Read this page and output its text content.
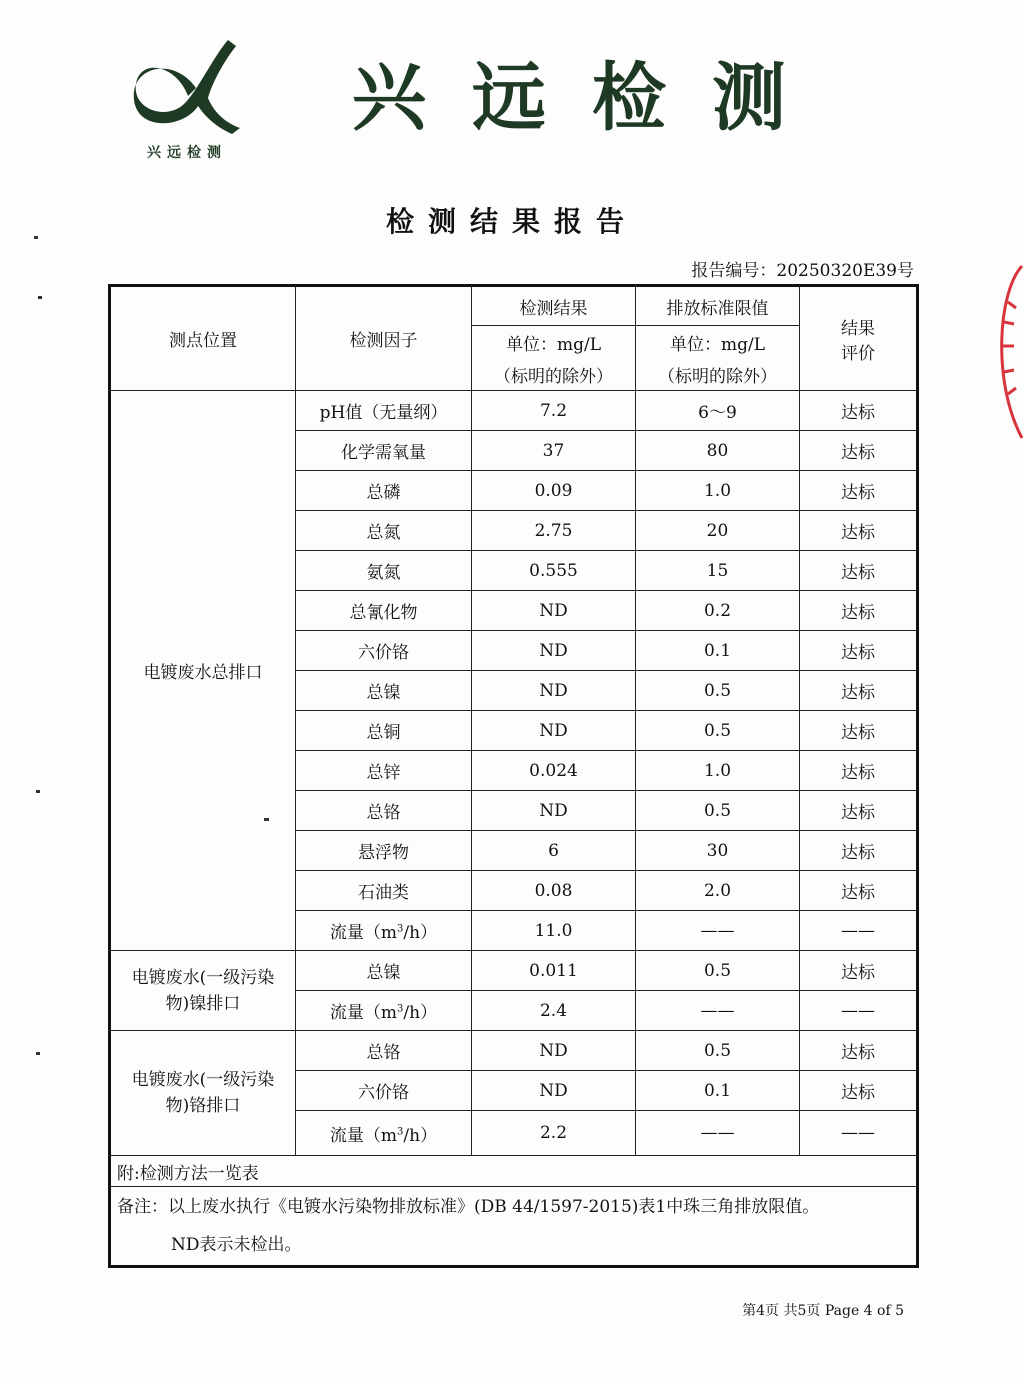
兴远检测
兴远检测
检测结果报告
报告编号：20250320E39号
测点位置	检测因子	检测结果	排放标准限值	结果
评价

		单位：mg/L	单位：mg/L	
		（标明的除外）	（标明的除外）	
电镀废水总排口	pH值（无量纲）	7.2	6～9	达标
	化学需氧量	37	80	达标
	总磷	0.09	1.0	达标
	总氮	2.75	20	达标
	氨氮	0.555	15	达标
	总氰化物	ND	0.2	达标
	六价铬	ND	0.1	达标
	总镍	ND	0.5	达标
	总铜	ND	0.5	达标
	总锌	0.024	1.0	达标
	总铬	ND	0.5	达标
	悬浮物	6	30	达标
	石油类	0.08	2.0	达标
	流量$(m^3/h)$	11.0	——	——

电镀废水(一级污染
物)镍排口	总镍	0.011	0.5	达标
	流量$(m^3/h)$	2.4	——	——

电镀废水(一级污染
物)铬排口	总铬	ND	0.5	达标
	六价铬	ND	0.1	达标
	流量$(m^3/h)$	2.2	——	——
附:检测方法一览表				

备注：以上废水执行《电镀水污染物排放标准》(DB 44/1597-2015)表1中珠三角排放限值。
ND表示未检出。				
第4页 共5页 Page 4 of 5
